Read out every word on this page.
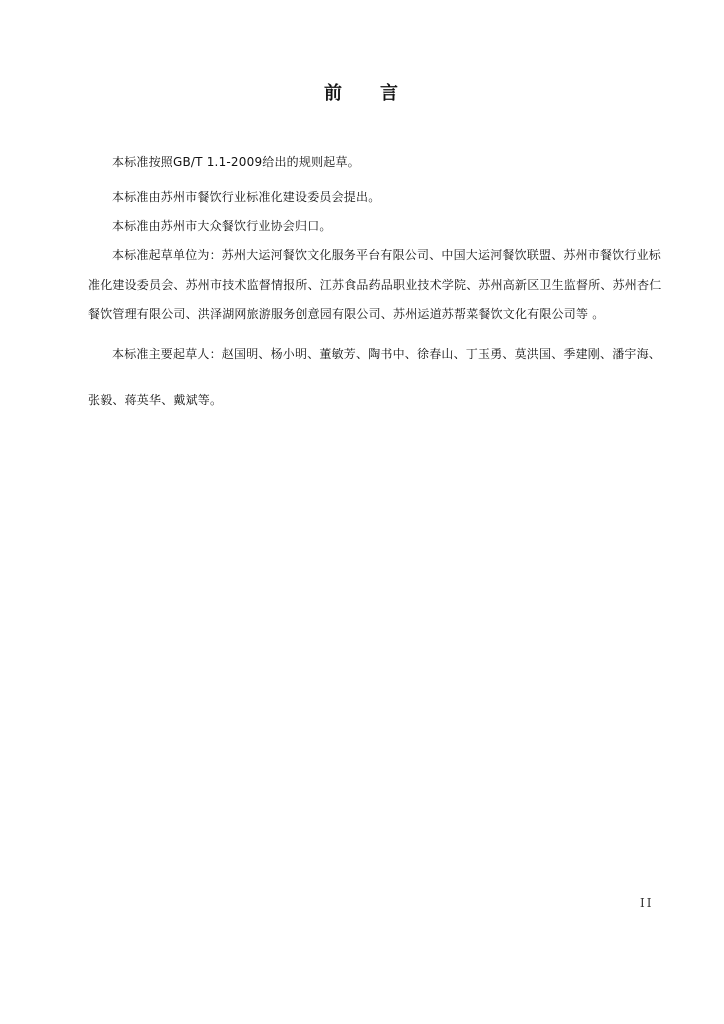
前 言
本标准按照GB/T 1.1-2009给出的规则起草。
本标准由苏州市餐饮行业标准化建设委员会提出。
本标准由苏州市大众餐饮行业协会归口。
本标准起草单位为：苏州大运河餐饮文化服务平台有限公司、中国大运河餐饮联盟、苏州市餐饮行业标准化建设委员会、苏州市技术监督情报所、江苏食品药品职业技术学院、苏州高新区卫生监督所、苏州杏仁餐饮管理有限公司、洪泽湖网旅游服务创意园有限公司、苏州运道苏帮菜餐饮文化有限公司等 。
本标准主要起草人：赵国明、杨小明、董敏芳、陶书中、徐春山、丁玉勇、莫洪国、季建刚、潘宇海、张毅、蒋英华、戴斌等。
II
